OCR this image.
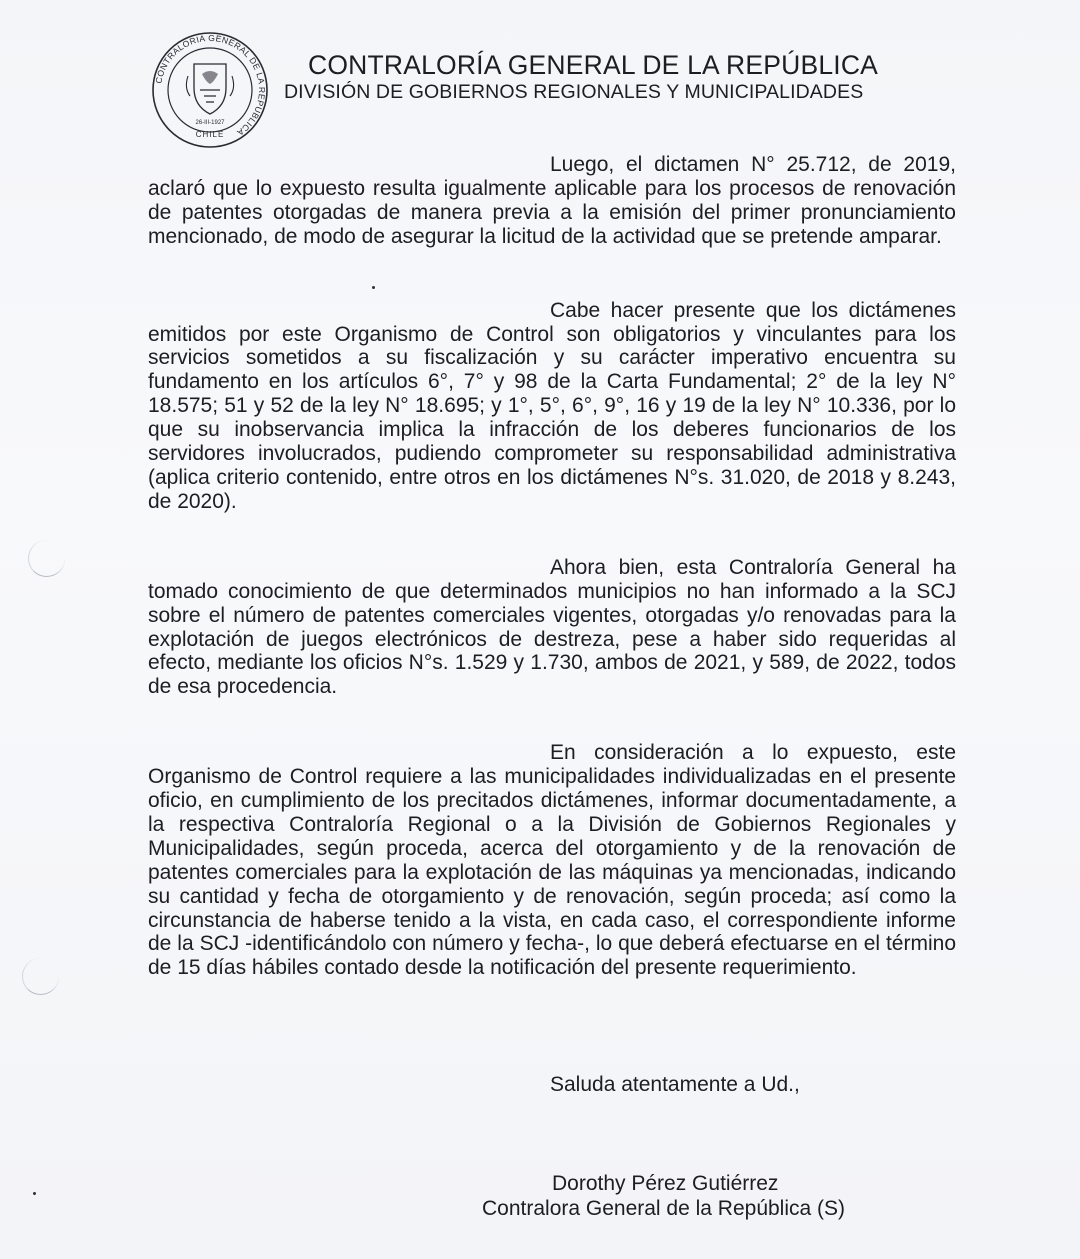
CONTRALORIA GENERAL DE LA REPUBLICA
26-III-1927
CHILE
CONTRALORÍA GENERAL DE LA REPÚBLICA

DIVISIÓN DE GOBIERNOS REGIONALES Y MUNICIPALIDADES

Luego, el dictamen N° 25.712, de 2019, aclaró que lo expuesto resulta igualmente aplicable para los procesos de renovación de patentes otorgadas de manera previa a la emisión del primer pronunciamiento mencionado, de modo de asegurar la licitud de la actividad que se pretende amparar.

Cabe hacer presente que los dictámenes emitidos por este Organismo de Control son obligatorios y vinculantes para los servicios sometidos a su fiscalización y su carácter imperativo encuentra su fundamento en los artículos 6°, 7° y 98 de la Carta Fundamental; 2° de la ley N° 18.575; 51 y 52 de la ley N° 18.695; y 1°, 5°, 6°, 9°, 16 y 19 de la ley N° 10.336, por lo que su inobservancia implica la infracción de los deberes funcionarios de los servidores involucrados, pudiendo comprometer su responsabilidad administrativa (aplica criterio contenido, entre otros en los dictámenes N°s. 31.020, de 2018 y 8.243, de 2020).

Ahora bien, esta Contraloría General ha tomado conocimiento de que determinados municipios no han informado a la SCJ sobre el número de patentes comerciales vigentes, otorgadas y/o renovadas para la explotación de juegos electrónicos de destreza, pese a haber sido requeridas al efecto, mediante los oficios N°s. 1.529 y 1.730, ambos de 2021, y 589, de 2022, todos de esa procedencia.

En consideración a lo expuesto, este Organismo de Control requiere a las municipalidades individualizadas en el presente oficio, en cumplimiento de los precitados dictámenes, informar documentadamente, a la respectiva Contraloría Regional o a la División de Gobiernos Regionales y Municipalidades, según proceda, acerca del otorgamiento y de la renovación de patentes comerciales para la explotación de las máquinas ya mencionadas, indicando su cantidad y fecha de otorgamiento y de renovación, según proceda; así como la circunstancia de haberse tenido a la vista, en cada caso, el correspondiente informe de la SCJ -identificándolo con número y fecha-, lo que deberá efectuarse en el término de 15 días hábiles contado desde la notificación del presente requerimiento.

Saluda atentamente a Ud.,

Dorothy Pérez Gutiérrez

Contralora General de la República (S)
